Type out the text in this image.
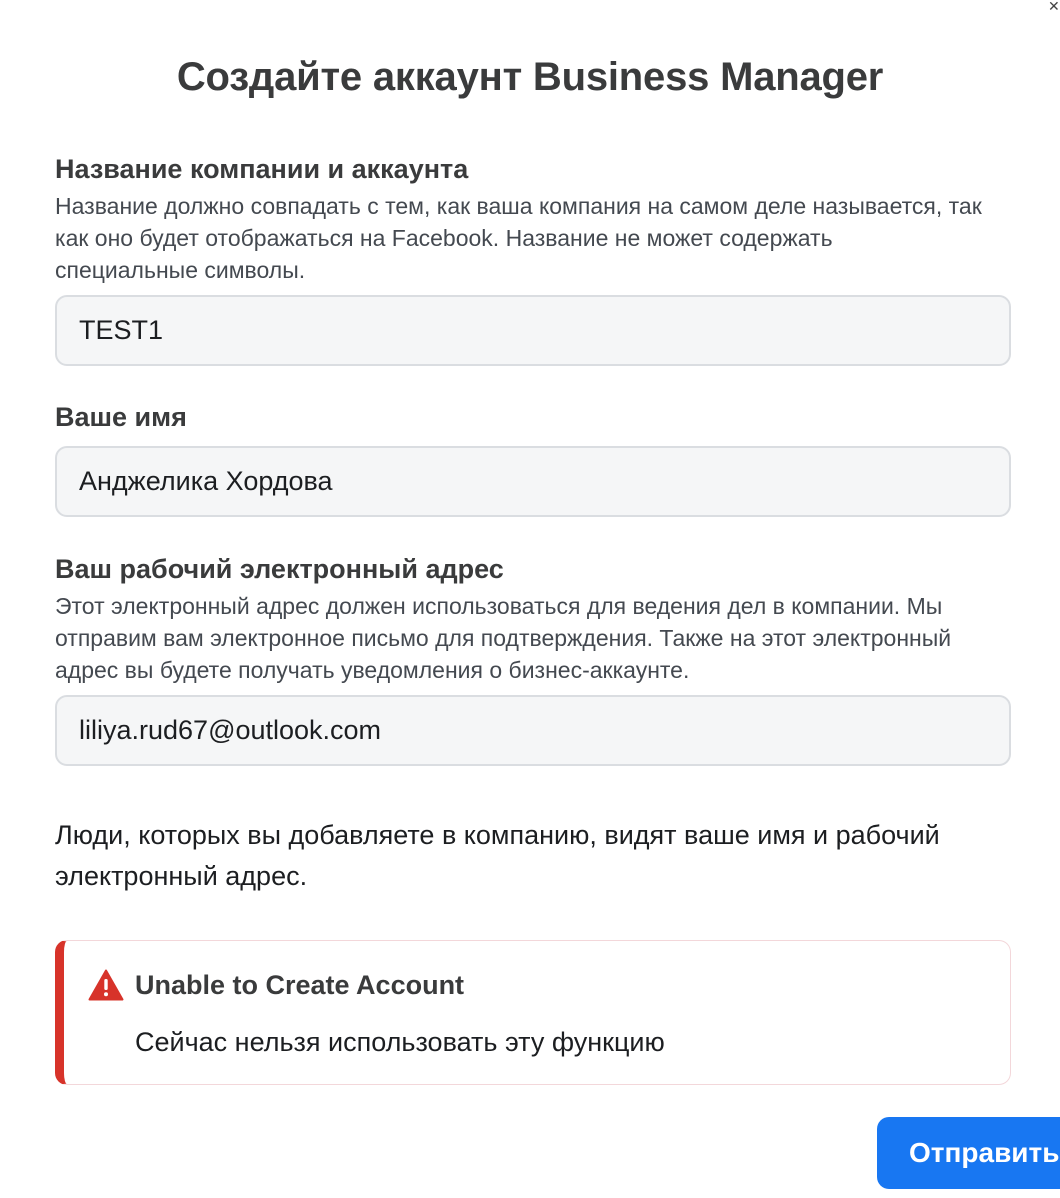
✕
Создайте аккаунт Business Manager

Название компании и аккаунта

Название должно совпадать с тем, как ваша компания на самом деле называется, так

как оно будет отображаться на Facebook. Название не может содержать

специальные символы.

TEST1

Ваше имя

Анджелика Хордова

Ваш рабочий электронный адрес

Этот электронный адрес должен использоваться для ведения дел в компании. Мы

отправим вам электронное письмо для подтверждения. Также на этот электронный

адрес вы будете получать уведомления о бизнес-аккаунте.

liliya.rud67@outlook.com
Люди, которых вы добавляете в компанию, видят ваше имя и рабочий
электронный адрес.

Unable to Create Account

Сейчас нельзя использовать эту функцию

Отправить
